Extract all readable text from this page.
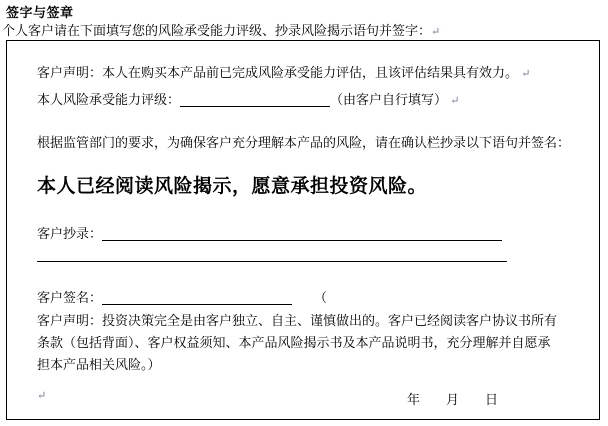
签字与签章
个人客户请在下面填写您的风险承受能力评级、抄录风险揭示语句并签字：↵
客户声明：本人在购买本产品前已完成风险承受能力评估，且该评估结果具有效力。 ↵
本人风险承受能力评级：	（由客户自行填写） ↵
根据监管部门的要求，为确保客户充分理解本产品的风险，请在确认栏抄录以下语句并签名：
本人已经阅读风险揭示，愿意承担投资风险。
客户抄录：
客户签名：	（
客户声明：投资决策完全是由客户独立、自主、谨慎做出的。客户已经阅读客户协议书所有条款（包括背面）、客户权益须知、本产品风险揭示书及本产品说明书，充分理解并自愿承担本产品相关风险。）
↵	年月日
